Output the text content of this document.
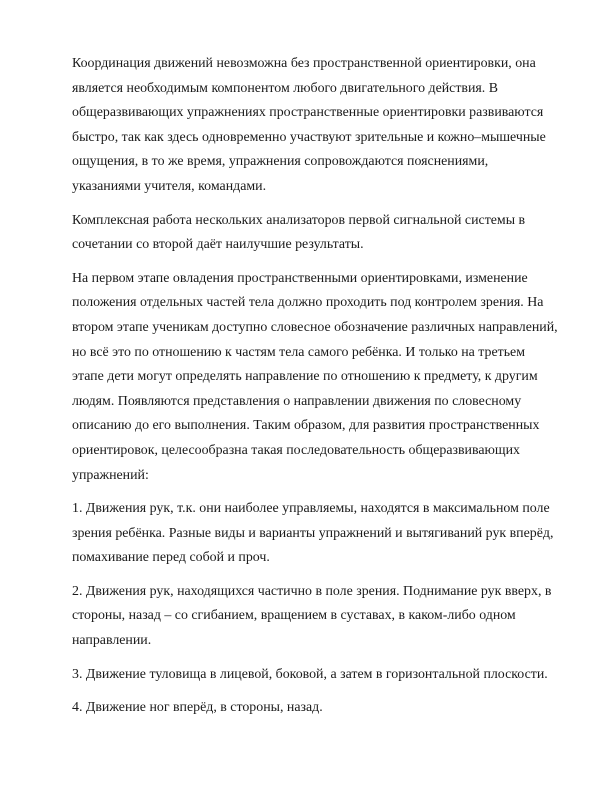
Координация движений невозможна без пространственной ориентировки, она
является необходимым компонентом любого двигательного действия. В
общеразвивающих упражнениях пространственные ориентировки развиваются
быстро, так как здесь одновременно участвуют зрительные и кожно–мышечные
ощущения, в то же время, упражнения сопровождаются пояснениями,
указаниями учителя, командами.

Комплексная работа нескольких анализаторов первой сигнальной системы в
сочетании со второй даёт наилучшие результаты.

На первом этапе овладения пространственными ориентировками, изменение
положения отдельных частей тела должно проходить под контролем зрения. На
втором этапе ученикам доступно словесное обозначение различных направлений,
но всё это по отношению к частям тела самого ребёнка. И только на третьем
этапе дети могут определять направление по отношению к предмету, к другим
людям. Появляются представления о направлении движения по словесному
описанию до его выполнения. Таким образом, для развития пространственных
ориентировок, целесообразна такая последовательность общеразвивающих
упражнений:

1. Движения рук, т.к. они наиболее управляемы, находятся в максимальном поле
зрения ребёнка. Разные виды и варианты упражнений и вытягиваний рук вперёд,
помахивание перед собой и проч.

2. Движения рук, находящихся частично в поле зрения. Поднимание рук вверх, в
стороны, назад – со сгибанием, вращением в суставах, в каком-либо одном
направлении.

3. Движение туловища в лицевой, боковой, а затем в горизонтальной плоскости.

4. Движение ног вперёд, в стороны, назад.
